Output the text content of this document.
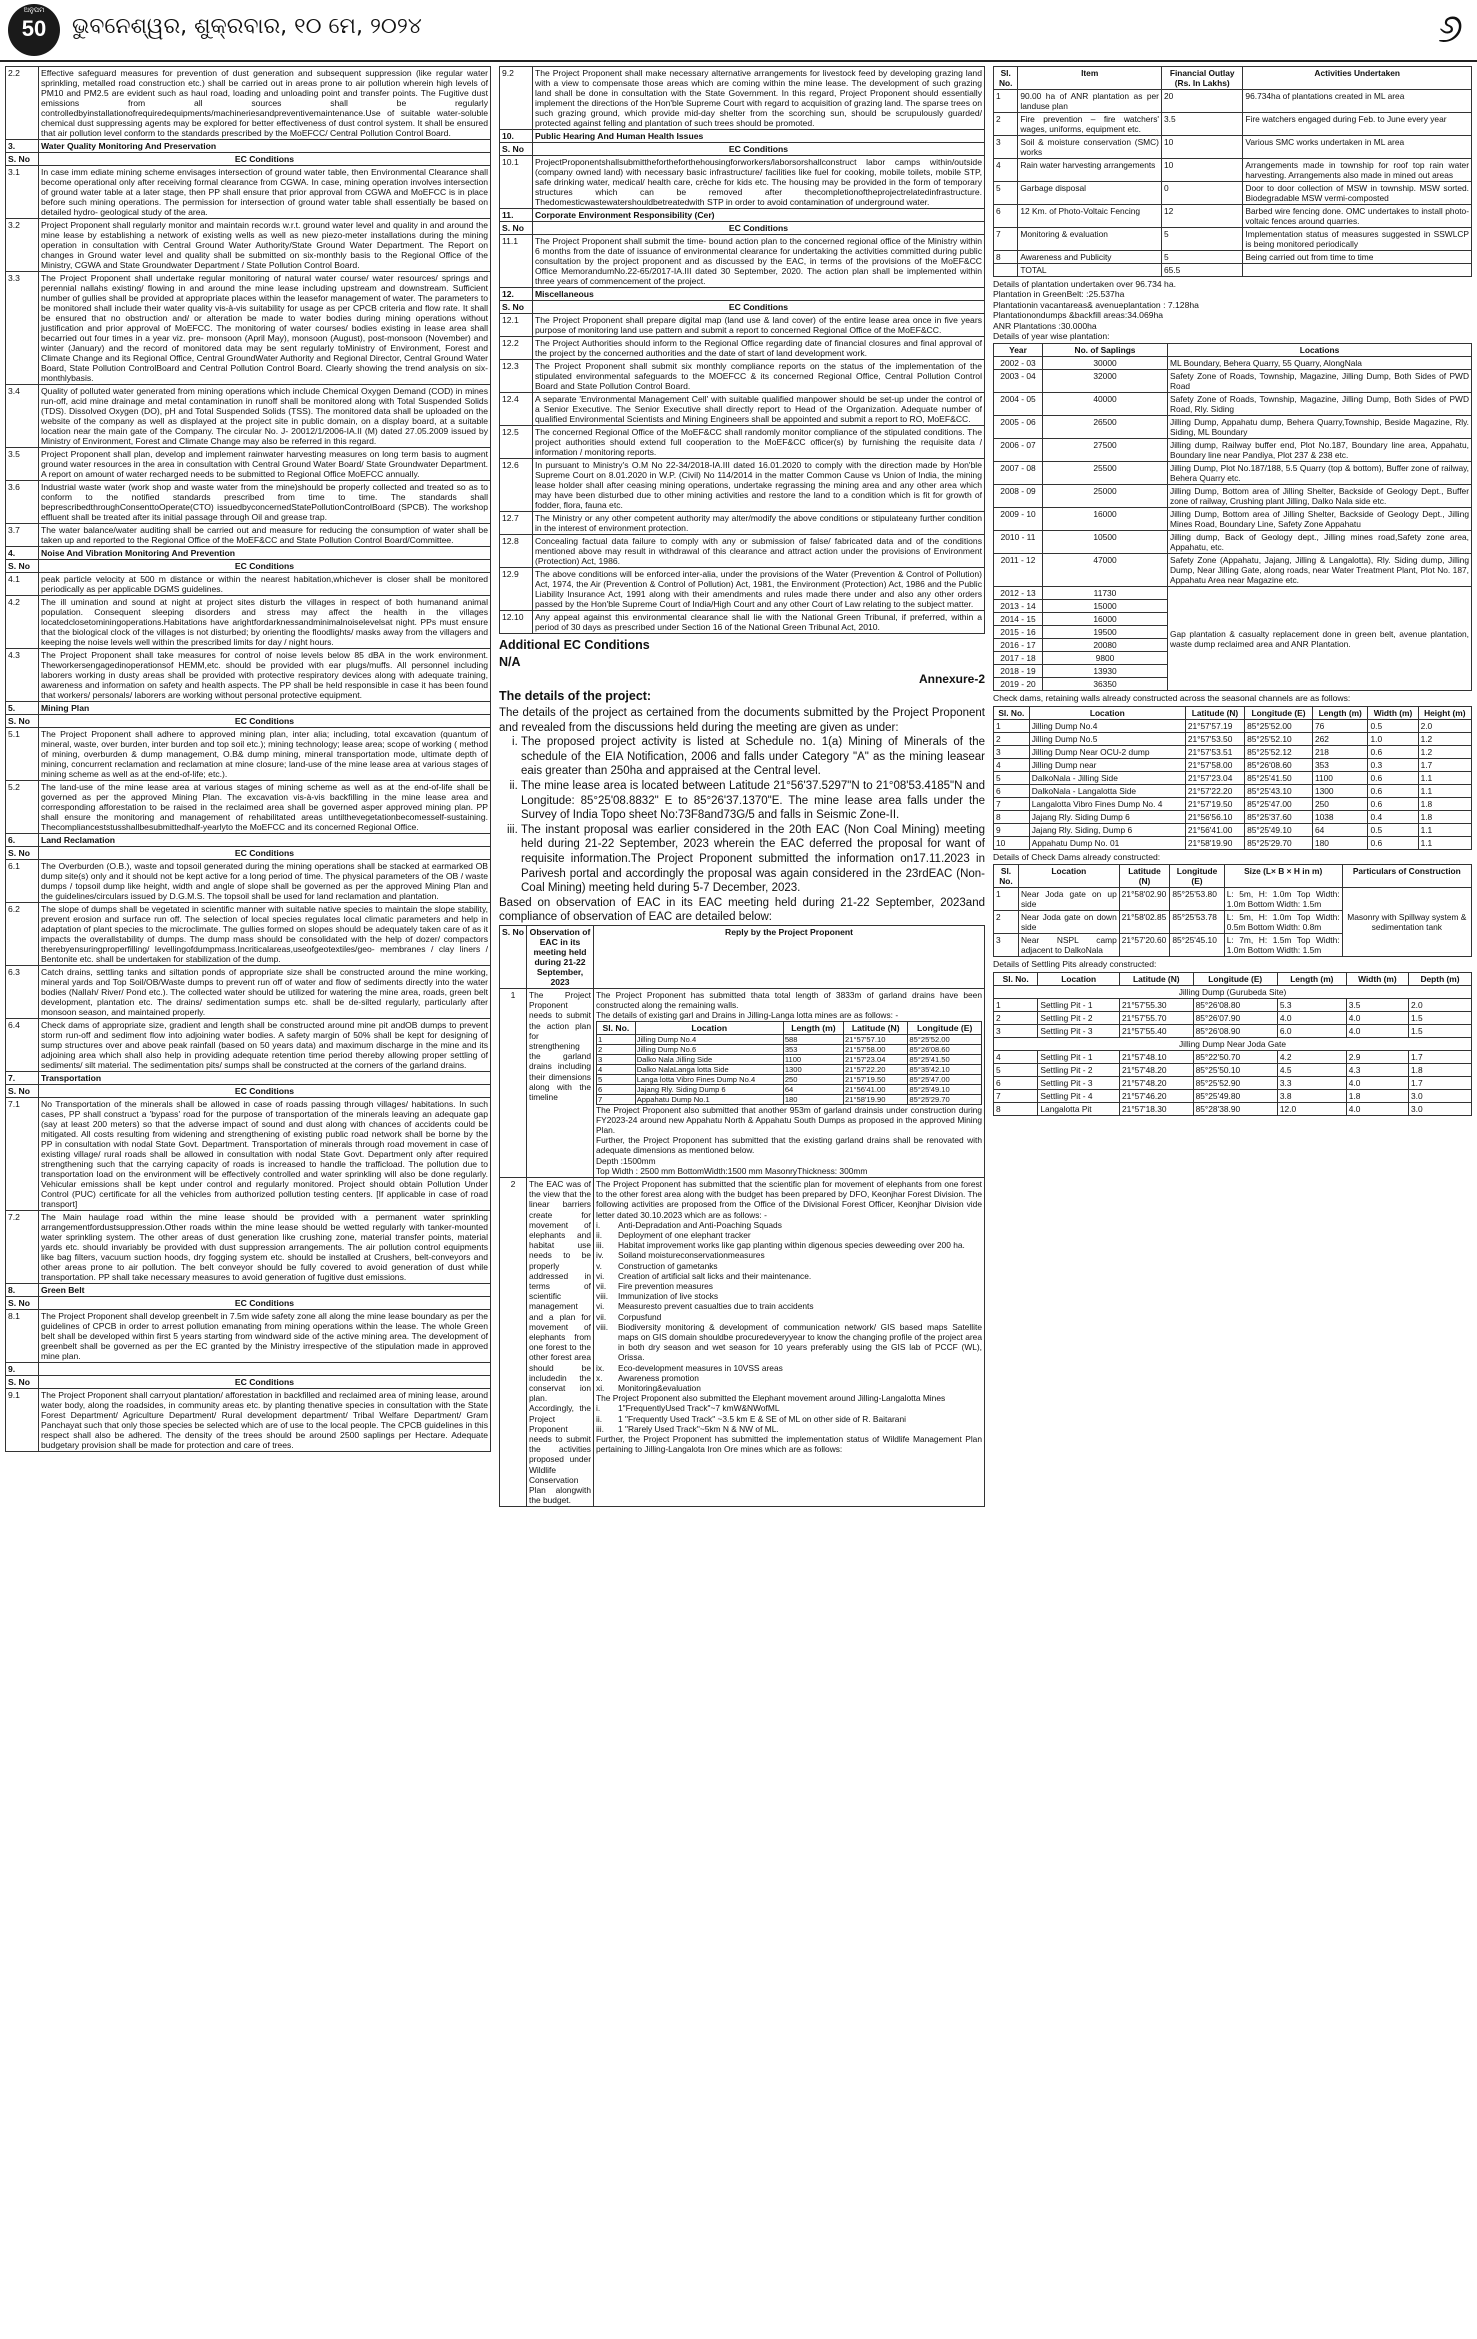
ଅନୁପମ
50	ଭୁବନେଶ୍ୱର, ଶୁକ୍ରବାର, ୧୦ ମେ, ୨୦୨୪	୬
2.2	Effective safeguard measures for prevention of dust generation and subsequent suppression (like regular water sprinkling, metalled road construction etc.) shall be carried out in areas prone to air pollution wherein high levels of PM10 and PM2.5 are evident such as haul road, loading and unloading point and transfer points. The Fugitive dust emissions from all sources shall be regularly controlledbyinstallationofrequiredequipments/machineriesandpreventivemaintenance.Use of suitable water-soluble chemical dust suppressing agents may be explored for better effectiveness of dust control system. It shall be ensured that air pollution level conform to the standards prescribed by the MoEFCC/ Central Pollution Control Board.
3.	Water Quality Monitoring And Preservation
S. No	EC Conditions
3.1	In case imm ediate mining scheme envisages intersection of ground water table, then Environmental Clearance shall become operational only after receiving formal clearance from CGWA. In case, mining operation involves intersection of ground water table at a later stage, then PP shall ensure that prior approval from CGWA and MoEFCC is in place before such mining operations. The permission for intersection of ground water table shall essentially be based on detailed hydro- geological study of the area.
3.2	Project Proponent shall regularly monitor and maintain records w.r.t. ground water level and quality in and around the mine lease by establishing a network of existing wells as well as new piezo-meter installations during the mining operation in consultation with Central Ground Water Authority/State Ground Water Department. The Report on changes in Ground water level and quality shall be submitted on six-monthly basis to the Regional Office of the Ministry, CGWA and State Groundwater Department / State Pollution Control Board.
3.3	The Project Proponent shall undertake regular monitoring of natural water course/ water resources/ springs and perennial nallahs existing/ flowing in and around the mine lease including upstream and downstream. Sufficient number of gullies shall be provided at appropriate places within the leasefor management of water. The parameters to be monitored shall include their water quality vis-à-vis suitability for usage as per CPCB criteria and flow rate. It shall be ensured that no obstruction and/ or alteration be made to water bodies during mining operations without justification and prior approval of MoEFCC. The monitoring of water courses/ bodies existing in lease area shall becarried out four times in a year viz. pre- monsoon (April May), monsoon (August), post-monsoon (November) and winter (January) and the record of monitored data may be sent regularly toMinistry of Environment, Forest and Climate Change and its Regional Office, Central GroundWater Authority and Regional Director, Central Ground Water Board, State Pollution ControlBoard and Central Pollution Control Board. Clearly showing the trend analysis on six-monthlybasis.
3.4	Quality of polluted water generated from mining operations which include Chemical Oxygen Demand (COD) in mines run-off, acid mine drainage and metal contamination in runoff shall be monitored along with Total Suspended Solids (TDS). Dissolved Oxygen (DO), pH and Total Suspended Solids (TSS). The monitored data shall be uploaded on the website of the company as well as displayed at the project site in public domain, on a display board, at a suitable location near the main gate of the Company. The circular No. J- 20012/1/2006-IA.II (M) dated 27.05.2009 issued by Ministry of Environment, Forest and Climate Change may also be referred in this regard.
3.5	Project Proponent shall plan, develop and implement rainwater harvesting measures on long term basis to augment ground water resources in the area in consultation with Central Ground Water Board/ State Groundwater Department. A report on amount of water recharged needs to be submitted to Regional Office MoEFCC annually.
3.6	Industrial waste water (work shop and waste water from the mine)should be properly collected and treated so as to conform to the notified standards prescribed from time to time. The standards shall beprescribedthroughConsenttoOperate(CTO) issuedbyconcernedStatePollutionControlBoard (SPCB). The workshop effluent shall be treated after its initial passage through Oil and grease trap.
3.7	The water balance/water auditing shall be carried out and measure for reducing the consumption of water shall be taken up and reported to the Regional Office of the MoEF&CC and State Pollution Control Board/Committee.
4.	Noise And Vibration Monitoring And Prevention
S. No	EC Conditions
4.1	peak particle velocity at 500 m distance or within the nearest habitation,whichever is closer shall be monitored periodically as per applicable DGMS guidelines.
4.2	The ill umination and sound at night at project sites disturb the villages in respect of both humanand animal population. Consequent sleeping disorders and stress may affect the health in the villages locatedclosetominingoperations.Habitations have arightfordarknessandminimalnoiselevelsat night. PPs must ensure that the biological clock of the villages is not disturbed; by orienting the floodlights/ masks away from the villagers and keeping the noise levels well within the prescribed limits for day / night hours.
4.3	The Project Proponent shall take measures for control of noise levels below 85 dBA in the work environment. Theworkersengagedinoperationsof HEMM,etc. should be provided with ear plugs/muffs. All personnel including laborers working in dusty areas shall be provided with protective respiratory devices along with adequate training, awareness and information on safety and health aspects. The PP shall be held responsible in case it has been found that workers/ personals/ laborers are working without personal protective equipment.
5.	Mining Plan
S. No	EC Conditions
5.1	The Project Proponent shall adhere to approved mining plan, inter alia; including, total excavation (quantum of mineral, waste, over burden, inter burden and top soil etc.); mining technology; lease area; scope of working ( method of mining, overburden & dump management, O.B& dump mining, mineral transportation mode, ultimate depth of mining, concurrent reclamation and reclamation at mine closure; land-use of the mine lease area at various stages of mining scheme as well as at the end-of-life; etc.).
5.2	The land-use of the mine lease area at various stages of mining scheme as well as at the end-of-life shall be governed as per the approved Mining Plan. The excavation vis-à-vis backfilling in the mine lease area and corresponding afforestation to be raised in the reclaimed area shall be governed asper approved mining plan. PP shall ensure the monitoring and management of rehabilitated areas untilthevegetationbecomesself-sustaining. Thecomplianceststusshallbesubmittedhalf-yearlyto the MoEFCC and its concerned Regional Office.
6.	Land Reclamation
S. No	EC Conditions
6.1	The Overburden (O.B.), waste and topsoil generated during the mining operations shall be stacked at earmarked OB dump site(s) only and it should not be kept active for a long period of time. The physical parameters of the OB / waste dumps / topsoil dump like height, width and angle of slope shall be governed as per the approved Mining Plan and the guidelines/circulars issued by D.G.M.S. The topsoil shall be used for land reclamation and plantation.
6.2	The slope of dumps shall be vegetated in scientific manner with suitable native species to maintain the slope stability, prevent erosion and surface run off. The selection of local species regulates local climatic parameters and help in adaptation of plant species to the microclimate. The gullies formed on slopes should be adequately taken care of as it impacts the overallstability of dumps. The dump mass should be consolidated with the help of dozer/ compactors therebyensuringproperfilling/ levellingofdumpmass.Incriticalareas,useofgeotextiles/geo- membranes / clay liners / Bentonite etc. shall be undertaken for stabilization of the dump.
6.3	Catch drains, settling tanks and siltation ponds of appropriate size shall be constructed around the mine working, mineral yards and Top Soil/OB/Waste dumps to prevent run off of water and flow of sediments directly into the water bodies (Nallah/ River/ Pond etc.). The collected water should be utilized for watering the mine area, roads, green belt development, plantation etc. The drains/ sedimentation sumps etc. shall be de-silted regularly, particularly after monsoon season, and maintained properly.
6.4	Check dams of appropriate size, gradient and length shall be constructed around mine pit andOB dumps to prevent storm run-off and sediment flow into adjoining water bodies. A safety margin of 50% shall be kept for designing of sump structures over and above peak rainfall (based on 50 years data) and maximum discharge in the mine and its adjoining area which shall also help in providing adequate retention time period thereby allowing proper settling of sediments/ silt material. The sedimentation pits/ sumps shall be constructed at the corners of the garland drains.
7.	Transportation
S. No	EC Conditions
7.1	No Transportation of the minerals shall be allowed in case of roads passing through villages/ habitations. In such cases, PP shall construct a 'bypass' road for the purpose of transportation of the minerals leaving an adequate gap (say at least 200 meters) so that the adverse impact of sound and dust along with chances of accidents could be mitigated. All costs resulting from widening and strengthening of existing public road network shall be borne by the PP in consultation with nodal State Govt. Department. Transportation of minerals through road movement in case of existing village/ rural roads shall be allowed in consultation with nodal State Govt. Department only after required strengthening such that the carrying capacity of roads is increased to handle the trafficload. The pollution due to transportation load on the environment will be effectively controlled and water sprinkling will also be done regularly. Vehicular emissions shall be kept under control and regularly monitored. Project should obtain Pollution Under Control (PUC) certificate for all the vehicles from authorized pollution testing centers. [If applicable in case of road transport]
7.2	The Main haulage road within the mine lease should be provided with a permanent water sprinkling arrangementfordustsuppression.Other roads within the mine lease should be wetted regularly with tanker-mounted water sprinkling system. The other areas of dust generation like crushing zone, material transfer points, material yards etc. should invariably be provided with dust suppression arrangements. The air pollution control equipments like bag filters, vacuum suction hoods, dry fogging system etc. should be installed at Crushers, belt-conveyors and other areas prone to air pollution. The belt conveyor should be fully covered to avoid generation of dust while transportation. PP shall take necessary measures to avoid generation of fugitive dust emissions.
8.	Green Belt
S. No	EC Conditions
8.1	The Project Proponent shall develop greenbelt in 7.5m wide safety zone all along the mine lease boundary as per the guidelines of CPCB in order to arrest pollution emanating from mining operations within the lease. The whole Green belt shall be developed within first 5 years starting from windward side of the active mining area. The development of greenbelt shall be governed as per the EC granted by the Ministry irrespective of the stipulation made in approved mine plan.
9.	
S. No	EC Conditions
9.1	The Project Proponent shall carryout plantation/ afforestation in backfilled and reclaimed area of mining lease, around water body, along the roadsides, in community areas etc. by planting thenative species in consultation with the State Forest Department/ Agriculture Department/ Rural development department/ Tribal Welfare Department/ Gram Panchayat such that only those species be selected which are of use to the local people. The CPCB guidelines in this respect shall also be adhered. The density of the trees should be around 2500 saplings per Hectare. Adequate budgetary provision shall be made for protection and care of trees.
9.2	The Project Proponent shall make necessary alternative arrangements for livestock feed by developing grazing land with a view to compensate those areas which are coming within the mine lease. The development of such grazing land shall be done in consultation with the State Government. In this regard, Project Proponent should essentially implement the directions of the Hon'ble Supreme Court with regard to acquisition of grazing land. The sparse trees on such grazing ground, which provide mid-day shelter from the scorching sun, should be scrupulously guarded/ protected against felling and plantation of such trees should be promoted.
10.	Public Hearing And Human Health Issues
S. No	EC Conditions
10.1	ProjectProponentshallsubmitthefortheforthehousingforworkers/laborsorshallconstruct labor camps within/outside (company owned land) with necessary basic infrastructure/ facilities like fuel for cooking, mobile toilets, mobile STP, safe drinking water, medical/ health care, crèche for kids etc. The housing may be provided in the form of temporary structures which can be removed after thecompletionoftheprojectrelatedinfrastructure. Thedomesticwastewatershouldbetreatedwith STP in order to avoid contamination of underground water.
11.	Corporate Environment Responsibility (Cer)
S. No	EC Conditions
11.1	The Project Proponent shall submit the time- bound action plan to the concerned regional office of the Ministry within 6 months from the date of issuance of environmental clearance for undertaking the activities committed during public consultation by the project proponent and as discussed by the EAC, in terms of the provisions of the MoEF&CC Office MemorandumNo.22-65/2017-IA.III dated 30 September, 2020. The action plan shall be implemented within three years of commencement of the project.
12.	Miscellaneous
S. No	EC Conditions
12.1	The Project Proponent shall prepare digital map (land use & land cover) of the entire lease area once in five years purpose of monitoring land use pattern and submit a report to concerned Regional Office of the MoEF&CC.
12.2	The Project Authorities should inform to the Regional Office regarding date of financial closures and final approval of the project by the concerned authorities and the date of start of land development work.
12.3	The Project Proponent shall submit six monthly compliance reports on the status of the implementation of the stipulated environmental safeguards to the MOEFCC & its concerned Regional Office, Central Pollution Control Board and State Pollution Control Board.
12.4	A separate 'Environmental Management Cell' with suitable qualified manpower should be set-up under the control of a Senior Executive. The Senior Executive shall directly report to Head of the Organization. Adequate number of qualified Environmental Scientists and Mining Engineers shall be appointed and submit a report to RO, MoEF&CC.
12.5	The concerned Regional Office of the MoEF&CC shall randomly monitor compliance of the stipulated conditions. The project authorities should extend full cooperation to the MoEF&CC officer(s) by furnishing the requisite data / information / monitoring reports.
12.6	In pursuant to Ministry's O.M No 22-34/2018-IA.III dated 16.01.2020 to comply with the direction made by Hon'ble Supreme Court on 8.01.2020 in W.P. (Civil) No 114/2014 in the matter Common Cause vs Union of India, the mining lease holder shall after ceasing mining operations, undertake regrassing the mining area and any other area which may have been disturbed due to other mining activities and restore the land to a condition which is fit for growth of fodder, flora, fauna etc.
12.7	The Ministry or any other competent authority may alter/modify the above conditions or stipulateany further condition in the interest of environment protection.
12.8	Concealing factual data failure to comply with any or submission of false/ fabricated data and of the conditions mentioned above may result in withdrawal of this clearance and attract action under the provisions of Environment (Protection) Act, 1986.
12.9	The above conditions will be enforced inter-alia, under the provisions of the Water (Prevention & Control of Pollution) Act, 1974, the Air (Prevention & Control of Pollution) Act, 1981, the Environment (Protection) Act, 1986 and the Public Liability Insurance Act, 1991 along with their amendments and rules made there under and also any other orders passed by the Hon'ble Supreme Court of India/High Court and any other Court of Law relating to the subject matter.
12.10	Any appeal against this environmental clearance shall lie with the National Green Tribunal, if preferred, within a period of 30 days as prescribed under Section 16 of the National Green Tribunal Act, 2010.
Additional EC Conditions
N/A
Annexure-2
The details of the project:

The details of the project as certained from the documents submitted by the Project Proponent and revealed from the discussions held during the meeting are given as under:

i. The proposed project activity is listed at Schedule no. 1(a) Mining of Minerals of the schedule of the EIA Notification, 2006 and falls under Category "A" as the mining leasear eais greater than 250ha and appraised at the Central level.
ii. The mine lease area is located between Latitude 21°56'37.5297"N to 21°08'53.4185"N and Longitude: 85°25'08.8832" E to 85°26'37.1370"E. The mine lease area falls under the Survey of India Topo sheet No:73F8and73G/5 and falls in Seismic Zone-II.
iii. The instant proposal was earlier considered in the 20th EAC (Non Coal Mining) meeting held during 21-22 September, 2023 wherein the EAC deferred the proposal for want of requisite information.The Project Proponent submitted the information on17.11.2023 in Parivesh portal and accordingly the proposal was again considered in the 23rdEAC (Non-Coal Mining) meeting held during 5-7 December, 2023.

Based on observation of EAC in its EAC meeting held during 21-22 September, 2023and compliance of observation of EAC are detailed below:

S. No	Observation of EAC in its meeting held during 21-22 September, 2023	Reply by the Project Proponent
1	The Project Proponent needs to submit the action plan for strengthening the garland drains including their dimensions along with the timeline	
The Project Proponent has submitted thata total length of 3833m of garland drains have been constructed along the remaining walls.
The details of existing garl and Drains in Jilling-Langa lotta mines are as follows: -
Sl. No.	Location	Length (m)	Latitude (N)	Longitude (E)
1	Jilling Dump No.4	588	21°57'57.10	85°25'52.00
2	Jilling Dump No.6	353	21°57'58.00	85°26'08.60
3	Dalko Nala Jilling Side	1100	21°57'23.04	85°25'41.50
4	Dalko NalaLanga lotta Side	1300	21°57'22.20	85°35'42.10
5	Langa lotta Vibro Fines Dump No.4	250	21°57'19.50	85°25'47.00
6	Jajang Rly. Siding Dump 6	64	21°56'41.00	85°25'49.10
7	Appahatu Dump No.1	180	21°58'19.90	85°25'29.70
The Project Proponent also submitted that another 953m of garland drainsis under construction during FY2023-24 around new Appahatu North & Appahatu South Dumps as proposed in the approved Mining Plan.
Further, the Project Proponent has submitted that the existing garland drains shall be renovated with adequate dimensions as mentioned below.
Depth :1500mm
Top Width : 2500 mm BottomWidth:1500 mm MasonryThickness: 300mm

2	The EAC was of the view that the linear barriers create for movement of elephants and habitat use needs to be properly addressed in terms of scientific management and a plan for movement of elephants from one forest to the other forest area should be includedin the conservat ion plan. Accordingly, the Project Proponent needs to submit the activities proposed under Wildlife Conservation Plan alongwith the budget.	
The Project Proponent has submitted that the scientific plan for movement of elephants from one forest to the other forest area along with the budget has been prepared by DFO, Keonjhar Forest Division. The following activities are proposed from the Office of the Divisional Forest Officer, Keonjhar Division vide letter dated 30.10.2023 which are as follows: -
i.	Anti-Depradation and Anti-Poaching Squads
ii.	Deployment of one elephant tracker
iii.	Habitat improvement works like gap planting within digenous species deweeding over 200 ha.
iv.	Soiland moistureconservationmeasures
v.	Construction of gametanks
vi.	Creation of artificial salt licks and their maintenance.
vii.	Fire prevention measures
viii.	Immunization of live stocks
vi.	Measuresto prevent casualties due to train accidents
vii.	Corpusfund
viii.	Biodiversity monitoring & development of communication network/ GIS based maps Satellite maps on GIS domain shouldbe procuredeveryyear to know the changing profile of the project area in both dry season and wet season for 10 years preferably using the GIS lab of PCCF (WL), Orissa.
ix.	Eco-development measures in 10VSS areas
x.	Awareness promotion
xi.	Monitoring&evaluation
The Project Proponent also submitted the Elephant movement around Jilling-Langalotta Mines
i.	1"FrequentlyUsed Track"~7 kmW&NWofML
ii.	1 "Frequently Used Track" ~3.5 km E & SE of ML on other side of R. Baitarani
iii.	1 "Rarely Used Track"~5km N & NW of ML.
Further, the Project Proponent has submitted the implementation status of Wildlife Management Plan pertaining to Jilling-Langalota Iron Ore mines which are as follows:
Sl. No.	Item	Financial Outlay (Rs. In Lakhs)	Activities Undertaken
1	90.00 ha of ANR plantation as per landuse plan	20	96.734ha of plantations created in ML area
2	Fire prevention – fire watchers' wages, uniforms, equipment etc.	3.5	Fire watchers engaged during Feb. to June every year
3	Soil & moisture conservation (SMC) works	10	Various SMC works undertaken in ML area
4	Rain water harvesting arrangements	10	Arrangements made in township for roof top rain water harvesting. Arrangements also made in mined out areas
5	Garbage disposal	0	Door to door collection of MSW in township. MSW sorted. Biodegradable MSW vermi-composted
6	12 Km. of Photo-Voltaic Fencing	12	Barbed wire fencing done. OMC undertakes to install photo-voltaic fences around quarries.
7	Monitoring & evaluation	5	Implementation status of measures suggested in SSWLCP is being monitored periodically
8	Awareness and Publicity	5	Being carried out from time to time
	TOTAL	65.5	
Details of plantation undertaken over 96.734 ha.
Plantation in GreenBelt: :25.537ha
Plantationin vacantareas& avenueplantation : 7.128ha
Plantationondumps &backfill areas:34.069ha
ANR Plantations :30.000ha
Details of year wise plantation:
Year	No. of Saplings	Locations
2002 - 03	30000	ML Boundary, Behera Quarry, 55 Quarry, AlongNala
2003 - 04	32000	Safety Zone of Roads, Township, Magazine, Jilling Dump, Both Sides of PWD Road
2004 - 05	40000	Safety Zone of Roads, Township, Magazine, Jilling Dump, Both Sides of PWD Road, Rly. Siding
2005 - 06	26500	Jilling Dump, Appahatu dump, Behera Quarry,Township, Beside Magazine, Rly. Siding, ML Boundary
2006 - 07	27500	Jilling dump, Railway buffer end, Plot No.187, Boundary line area, Appahatu, Boundary line near Pandiya, Plot 237 & 238 etc.
2007 - 08	25500	Jilling Dump, Plot No.187/188, 5.5 Quarry (top & bottom), Buffer zone of railway, Behera Quarry etc.
2008 - 09	25000	Jilling Dump, Bottom area of Jilling Shelter, Backside of Geology Dept., Buffer zone of railway, Crushing plant Jilling, Dalko Nala side etc.
2009 - 10	16000	Jilling Dump, Bottom area of Jilling Shelter, Backside of Geology Dept., Jilling Mines Road, Boundary Line, Safety Zone Appahatu
2010 - 11	10500	Jilling dump, Back of Geology dept., Jilling mines road,Safety zone area, Appahatu, etc.
2011 - 12	47000	Safety Zone (Appahatu, Jajang, Jilling & Langalotta), Rly. Siding dump, Jilling Dump, Near Jilling Gate, along roads, near Water Treatment Plant, Plot No. 187, Appahatu Area near Magazine etc.
2012 - 13	11730	Gap plantation & casualty replacement done in green belt, avenue plantation, waste dump reclaimed area and ANR Plantation.
2013 - 14	15000	
2014 - 15	16000	
2015 - 16	19500	
2016 - 17	20080	
2017 - 18	9800	
2018 - 19	13930	
2019 - 20	36350	
Check dams, retaining walls already constructed across the seasonal channels are as follows:
Sl. No.	Location	Latitude (N)	Longitude (E)	Length (m)	Width (m)	Height (m)
1	Jilling Dump No.4	21°57'57.19	85°25'52.00	76	0.5	2.0
2	Jilling Dump No.5	21°57'53.50	85°25'52.10	262	1.0	1.2
3	Jilling Dump Near OCU-2 dump	21°57'53.51	85°25'52.12	218	0.6	1.2
4	Jilling Dump near	21°57'58.00	85°26'08.60	353	0.3	1.7
5	DalkoNala - Jilling Side	21°57'23.04	85°25'41.50	1100	0.6	1.1
6	DalkoNala - Langalotta Side	21°57'22.20	85°25'43.10	1300	0.6	1.1
7	Langalotta Vibro Fines Dump No. 4	21°57'19.50	85°25'47.00	250	0.6	1.8
8	Jajang Rly. Siding Dump 6	21°56'56.10	85°25'37.60	1038	0.4	1.8
9	Jajang Rly. Siding, Dump 6	21°56'41.00	85°25'49.10	64	0.5	1.1
10	Appahatu Dump No. 01	21°58'19.90	85°25'29.70	180	0.6	1.1
Details of Check Dams already constructed:
Sl. No.	Location	Latitude (N)	Longitude (E)	Size (L× B × H in m)	Particulars of Construction
1	Near Joda gate on up side	21°58'02.90	85°25'53.80	L: 5m, H: 1.0m Top Width: 1.0m Bottom Width: 1.5m	Masonry with Spillway system & sedimentation tank
2	Near Joda gate on down side	21°58'02.85	85°25'53.78	L: 5m, H: 1.0m Top Width: 0.5m Bottom Width: 0.8m	
3	Near NSPL camp adjacent to DalkoNala	21°57'20.60	85°25'45.10	L: 7m, H: 1.5m Top Width: 1.0m Bottom Width: 1.5m	
Details of Settling Pits already constructed:
Sl. No.	Location	Latitude (N)	Longitude (E)	Length (m)	Width (m)	Depth (m)
Jilling Dump (Gurubeda Site)						
1	Settling Pit - 1	21°57'55.30	85°26'08.80	5.3	3.5	2.0
2	Settling Pit - 2	21°57'55.70	85°26'07.90	4.0	4.0	1.5
3	Settling Pit - 3	21°57'55.40	85°26'08.90	6.0	4.0	1.5
Jilling Dump Near Joda Gate						
4	Settling Pit - 1	21°57'48.10	85°22'50.70	4.2	2.9	1.7
5	Settling Pit - 2	21°57'48.20	85°25'50.10	4.5	4.3	1.8
6	Settling Pit - 3	21°57'48.20	85°25'52.90	3.3	4.0	1.7
7	Settling Pit - 4	21°57'46.20	85°25'49.80	3.8	1.8	3.0
8	Langalotta Pit	21°57'18.30	85°28'38.90	12.0	4.0	3.0
